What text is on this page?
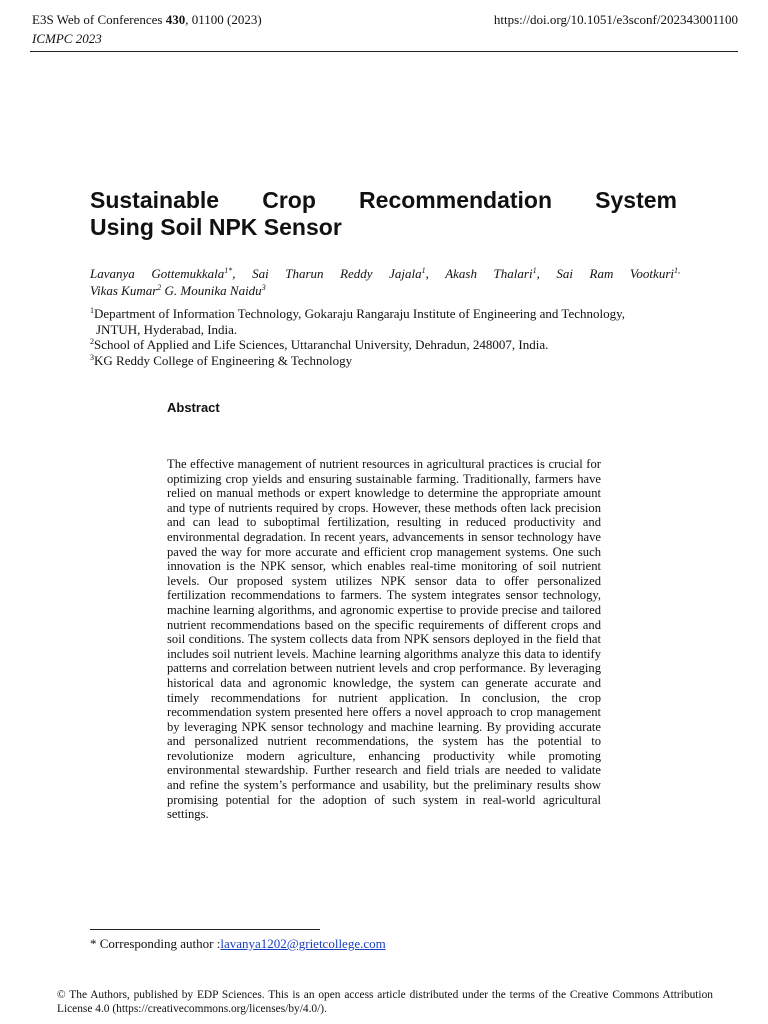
E3S Web of Conferences 430, 01100 (2023)	https://doi.org/10.1051/e3sconf/202343001100
ICMPC 2023
Sustainable Crop Recommendation System
Using Soil NPK Sensor
Lavanya Gottemukkala$^{1*}$, Sai Tharun Reddy Jajala$^1$, Akash Thalari$^1$, Sai Ram Vootkuri$^{1,}$
Vikas Kumar$^2$ G. Mounika Naidu$^3$
$^1$Department of Information Technology, Gokaraju Rangaraju Institute of Engineering and Technology,
JNTUH, Hyderabad, India.
$^2$School of Applied and Life Sciences, Uttaranchal University, Dehradun, 248007, India.
$^3$KG Reddy College of Engineering & Technology
Abstract
The effective management of nutrient resources in agricultural practices is crucial for optimizing crop yields and ensuring sustainable farming. Traditionally, farmers have relied on manual methods or expert knowledge to determine the appropriate amount and type of nutrients required by crops. However, these methods often lack precision and can lead to suboptimal fertilization, resulting in reduced productivity and environmental degradation. In recent years, advancements in sensor technology have paved the way for more accurate and efficient crop management systems. One such innovation is the NPK sensor, which enables real-time monitoring of soil nutrient levels. Our proposed system utilizes NPK sensor data to offer personalized fertilization recommendations to farmers. The system integrates sensor technology, machine learning algorithms, and agronomic expertise to provide precise and tailored nutrient recommendations based on the specific requirements of different crops and soil conditions. The system collects data from NPK sensors deployed in the field that includes soil nutrient levels. Machine learning algorithms analyze this data to identify patterns and correlation between nutrient levels and crop performance. By leveraging historical data and agronomic knowledge, the system can generate accurate and timely recommendations for nutrient application. In conclusion, the crop recommendation system presented here offers a novel approach to crop management by leveraging NPK sensor technology and machine learning. By providing accurate and personalized nutrient recommendations, the system has the potential to revolutionize modern agriculture, enhancing productivity while promoting environmental stewardship. Further research and field trials are needed to validate and refine the system’s performance and usability, but the preliminary results show promising potential for the adoption of such system in real-world agricultural settings.
* Corresponding author :lavanya1202@grietcollege.com
© The Authors, published by EDP Sciences. This is an open access article distributed under the terms of the Creative Commons Attribution License 4.0 (https://creativecommons.org/licenses/by/4.0/).
